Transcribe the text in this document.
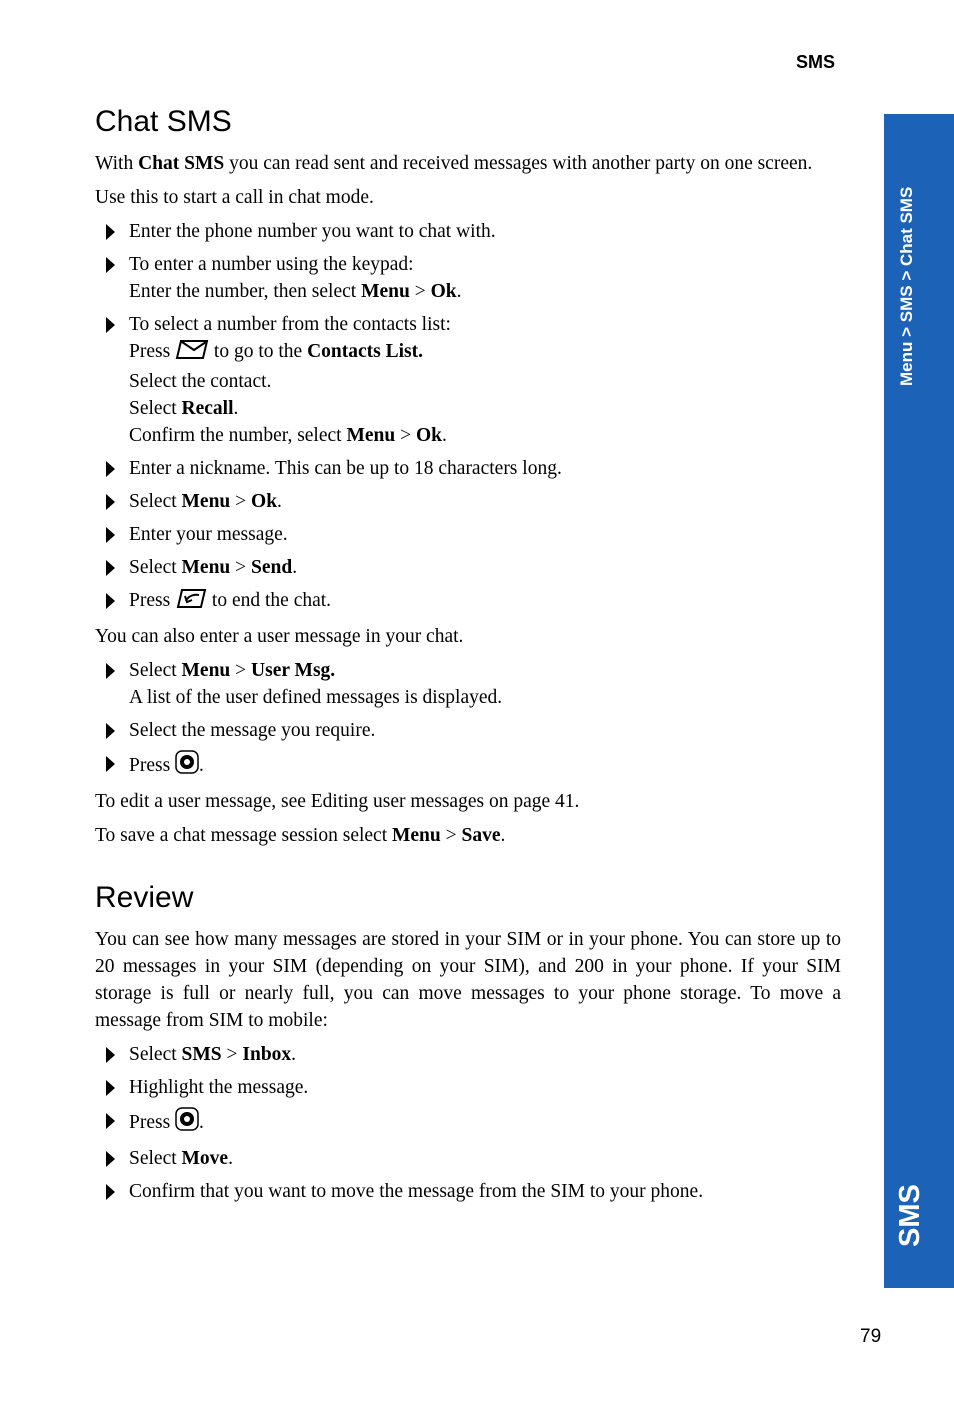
SMS
Menu > SMS > Chat SMS
SMS
79
Chat SMS

With Chat SMS you can read sent and received messages with another party on one screen.

Use this to start a call in chat mode.

Enter the phone number you want to chat with.
To enter a number using the keypad:
Enter the number, then select Menu > Ok.
To select a number from the contacts list:
Press  to go to the Contacts List.
Select the contact.
Select Recall.
Confirm the number, select Menu > Ok.
Enter a nickname. This can be up to 18 characters long.
Select Menu > Ok.
Enter your message.
Select Menu > Send.
Press  to end the chat.

You can also enter a user message in your chat.

Select Menu > User Msg.
A list of the user defined messages is displayed.
Select the message you require.
Press .

To edit a user message, see Editing user messages on page 41.

To save a chat message session select Menu > Save.

Review

You can see how many messages are stored in your SIM or in your phone. You can store up to 20 messages in your SIM (depending on your SIM), and 200 in your phone. If your SIM storage is full or nearly full, you can move messages to your phone storage. To move a message from SIM to mobile:

Select SMS > Inbox.
Highlight the message.
Press .
Select Move.
Confirm that you want to move the message from the SIM to your phone.
